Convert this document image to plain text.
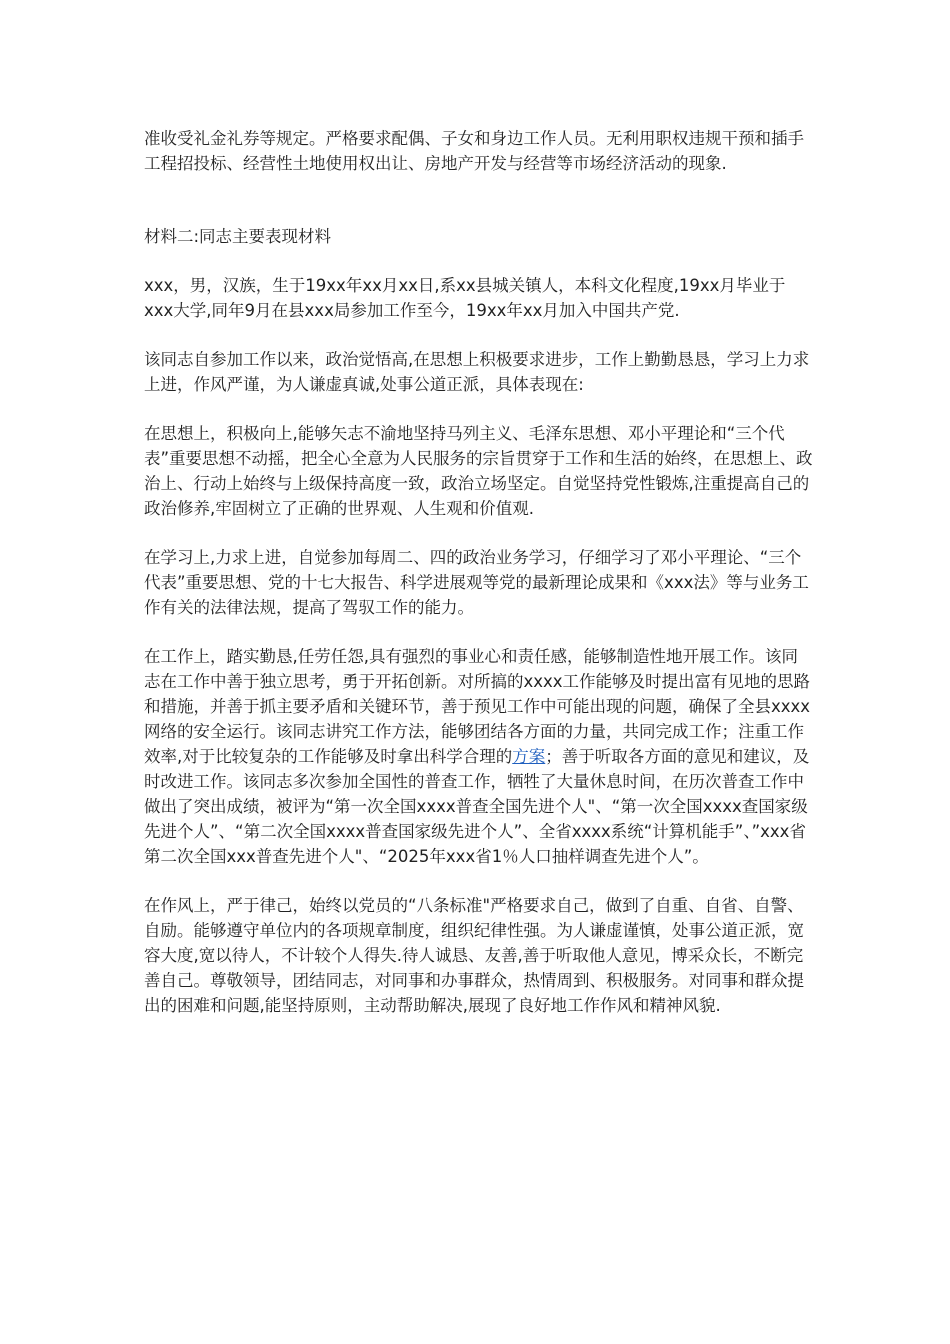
准收受礼金礼券等规定。严格要求配偶、子女和身边工作人员。无利用职权违规干预和插手工程招投标、经营性土地使用权出让、房地产开发与经营等市场经济活动的现象.

材料二:同志主要表现材料

xxx，男，汉族，生于19xx年xx月xx日,系xx县城关镇人，本科文化程度,19xx月毕业于xxx大学,同年9月在县xxx局参加工作至今，19xx年xx月加入中国共产党.

该同志自参加工作以来，政治觉悟高,在思想上积极要求进步，工作上勤勤恳恳，学习上力求上进，作风严谨，为人谦虚真诚,处事公道正派，具体表现在:

在思想上，积极向上,能够矢志不渝地坚持马列主义、毛泽东思想、邓小平理论和“三个代表”重要思想不动摇，把全心全意为人民服务的宗旨贯穿于工作和生活的始终，在思想上、政治上、行动上始终与上级保持高度一致，政治立场坚定。自觉坚持党性锻炼,注重提高自己的政治修养,牢固树立了正确的世界观、人生观和价值观.

在学习上,力求上进，自觉参加每周二、四的政治业务学习，仔细学习了邓小平理论、“三个代表”重要思想、党的十七大报告、科学进展观等党的最新理论成果和《xxx法》等与业务工作有关的法律法规，提高了驾驭工作的能力。

在工作上，踏实勤恳,任劳任怨,具有强烈的事业心和责任感，能够制造性地开展工作。该同志在工作中善于独立思考，勇于开拓创新。对所搞的xxxx工作能够及时提出富有见地的思路和措施，并善于抓主要矛盾和关键环节，善于预见工作中可能出现的问题，确保了全县xxxx网络的安全运行。该同志讲究工作方法，能够团结各方面的力量，共同完成工作；注重工作效率,对于比较复杂的工作能够及时拿出科学合理的方案；善于听取各方面的意见和建议，及时改进工作。该同志多次参加全国性的普查工作，牺牲了大量休息时间，在历次普查工作中做出了突出成绩，被评为“第一次全国xxxx普查全国先进个人"、“第一次全国xxxx查国家级先进个人”、“第二次全国xxxx普查国家级先进个人”、全省xxxx系统“计算机能手”、”xxx省第二次全国xxx普查先进个人"、“2025年xxx省1％人口抽样调查先进个人”。

在作风上，严于律己，始终以党员的“八条标准"严格要求自己，做到了自重、自省、自警、自励。能够遵守单位内的各项规章制度，组织纪律性强。为人谦虚谨慎，处事公道正派，宽容大度,宽以待人，不计较个人得失.待人诚恳、友善,善于听取他人意见，博采众长，不断完善自己。尊敬领导，团结同志，对同事和办事群众，热情周到、积极服务。对同事和群众提出的困难和问题,能坚持原则，主动帮助解决,展现了良好地工作作风和精神风貌.
